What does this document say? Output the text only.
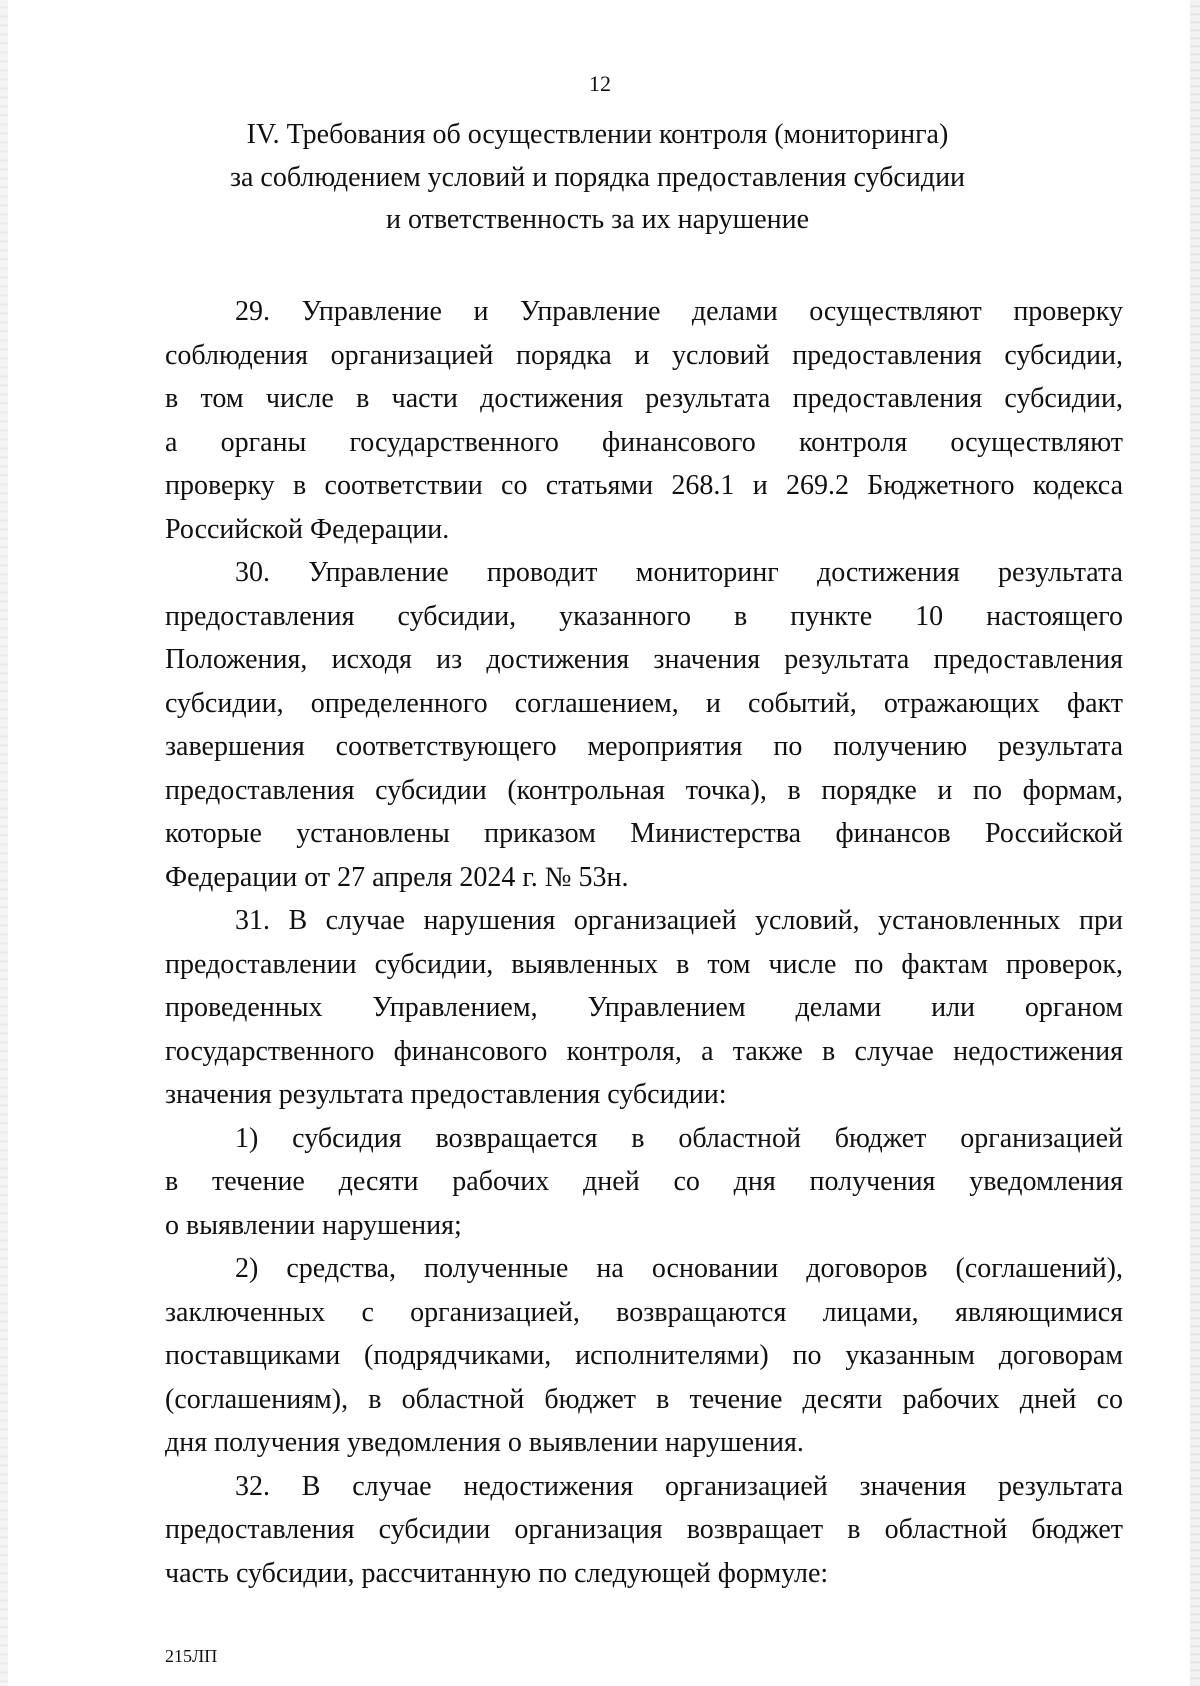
12
IV. Требования об осуществлении контроля (мониторинга)
за соблюдением условий и порядка предоставления субсидии
и ответственность за их нарушение
29. Управление и Управление делами осуществляют проверку
соблюдения организацией порядка и условий предоставления субсидии,
в том числе в части достижения результата предоставления субсидии,
а органы государственного финансового контроля осуществляют
проверку в соответствии со статьями 268.1 и 269.2 Бюджетного кодекса
Российской Федерации.
30. Управление проводит мониторинг достижения результата
предоставления субсидии, указанного в пункте 10 настоящего
Положения, исходя из достижения значения результата предоставления
субсидии, определенного соглашением, и событий, отражающих факт
завершения соответствующего мероприятия по получению результата
предоставления субсидии (контрольная точка), в порядке и по формам,
которые установлены приказом Министерства финансов Российской
Федерации от 27 апреля 2024 г. № 53н.
31. В случае нарушения организацией условий, установленных при
предоставлении субсидии, выявленных в том числе по фактам проверок,
проведенных Управлением, Управлением делами или органом
государственного финансового контроля, а также в случае недостижения
значения результата предоставления субсидии:
1) субсидия возвращается в областной бюджет организацией
в течение десяти рабочих дней со дня получения уведомления
о выявлении нарушения;
2) средства, полученные на основании договоров (соглашений),
заключенных с организацией, возвращаются лицами, являющимися
поставщиками (подрядчиками, исполнителями) по указанным договорам
(соглашениям), в областной бюджет в течение десяти рабочих дней со
дня получения уведомления о выявлении нарушения.
32. В случае недостижения организацией значения результата
предоставления субсидии организация возвращает в областной бюджет
часть субсидии, рассчитанную по следующей формуле:
215ЛП
